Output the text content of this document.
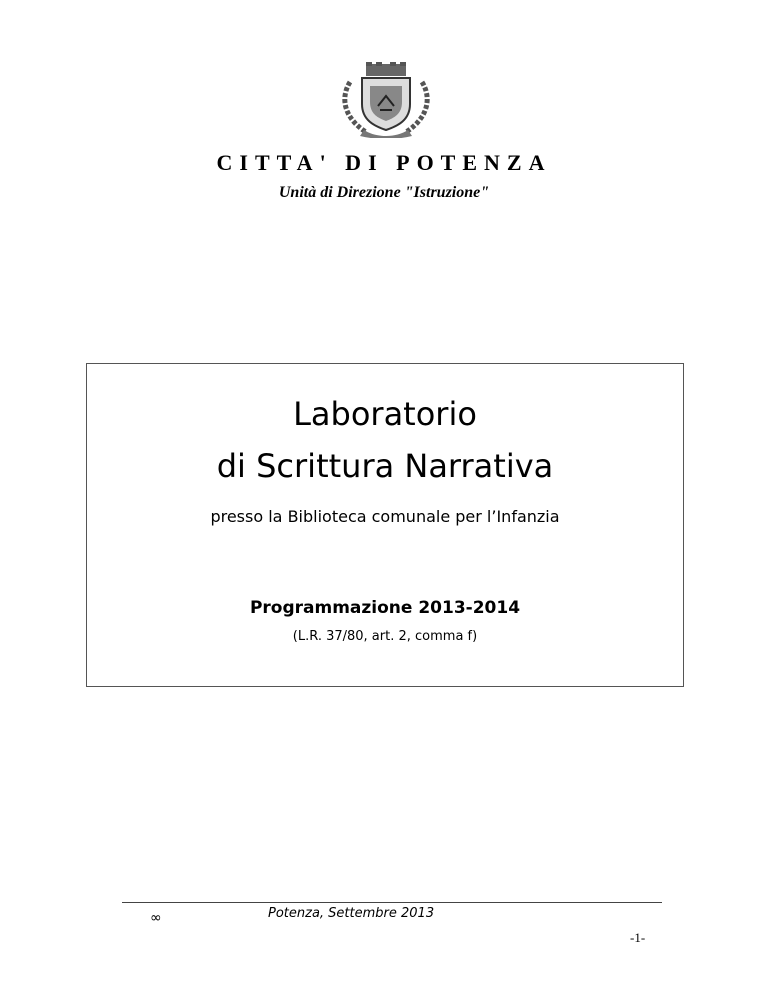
CITTA' DI POTENZA
Unità di Direzione "Istruzione"
Laboratorio
di Scrittura Narrativa
presso la Biblioteca comunale per l’Infanzia
Programmazione 2013-2014
(L.R. 37/80, art. 2, comma f)
∞	Potenza, Settembre 2013
-1-
